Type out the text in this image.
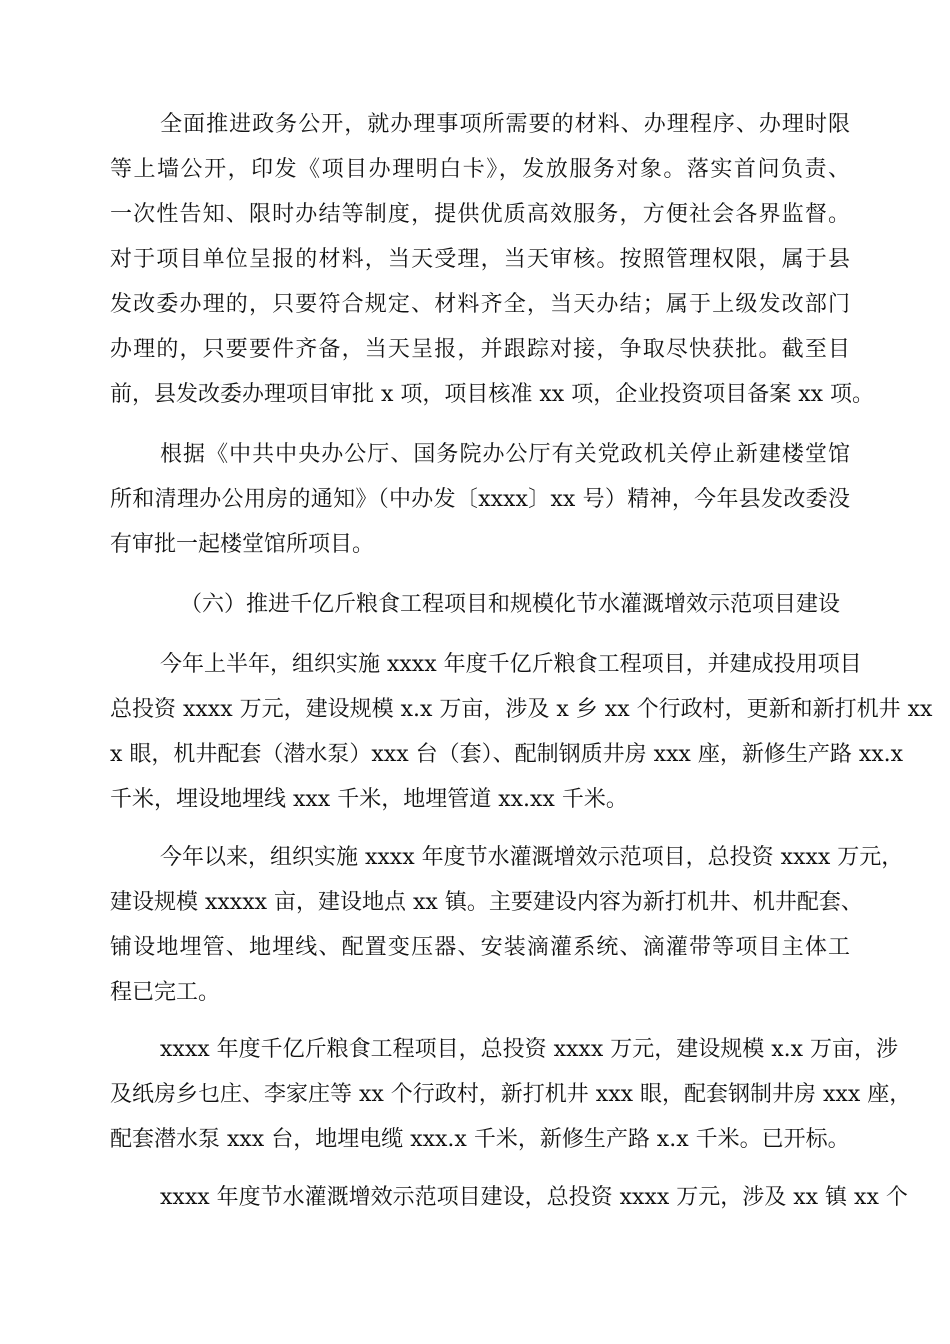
全面推进政务公开，就办理事项所需要的材料、办理程序、办理时限
等上墙公开，印发《项目办理明白卡》，发放服务对象。落实首问负责、
一次性告知、限时办结等制度，提供优质高效服务，方便社会各界监督。
对于项目单位呈报的材料，当天受理，当天审核。按照管理权限，属于县
发改委办理的，只要符合规定、材料齐全，当天办结；属于上级发改部门
办理的，只要要件齐备，当天呈报，并跟踪对接，争取尽快获批。截至目
前，县发改委办理项目审批 x 项，项目核准 xx 项，企业投资项目备案 xx 项。
根据《中共中央办公厅、国务院办公厅有关党政机关停止新建楼堂馆
所和清理办公用房的通知》（中办发〔xxxx〕xx 号）精神，今年县发改委没
有审批一起楼堂馆所项目。
（六）推进千亿斤粮食工程项目和规模化节水灌溉增效示范项目建设
今年上半年，组织实施 xxxx 年度千亿斤粮食工程项目，并建成投用项目
总投资 xxxx 万元，建设规模 x.x 万亩，涉及 x 乡 xx 个行政村，更新和新打机井 xx
x 眼，机井配套（潜水泵）xxx 台（套）、配制钢质井房 xxx 座，新修生产路 xx.x
千米，埋设地埋线 xxx 千米，地埋管道 xx.xx 千米。
今年以来，组织实施 xxxx 年度节水灌溉增效示范项目，总投资 xxxx 万元，
建设规模 xxxxx 亩，建设地点 xx 镇。主要建设内容为新打机井、机井配套、
铺设地埋管、地埋线、配置变压器、安装滴灌系统、滴灌带等项目主体工
程已完工。
xxxx 年度千亿斤粮食工程项目，总投资 xxxx 万元，建设规模 x.x 万亩，涉
及纸房乡乜庄、李家庄等 xx 个行政村，新打机井 xxx 眼，配套钢制井房 xxx 座，
配套潜水泵 xxx 台，地埋电缆 xxx.x 千米，新修生产路 x.x 千米。已开标。
xxxx 年度节水灌溉增效示范项目建设，总投资 xxxx 万元，涉及 xx 镇 xx 个
